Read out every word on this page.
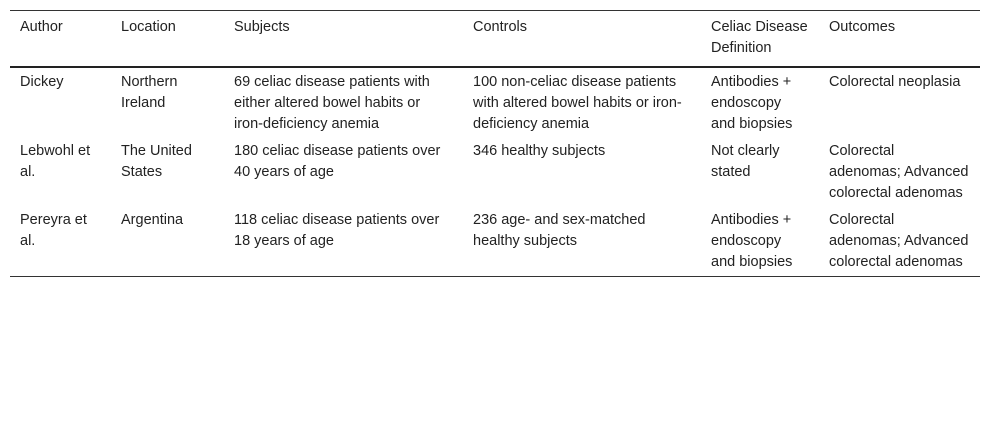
Author	Location	Subjects	Controls	Celiac Disease Definition	Outcomes
Dickey	Northern Ireland	69 celiac disease patients with either altered bowel habits or iron-deficiency anemia	100 non-celiac disease patients with altered bowel habits or iron-deficiency anemia	Antibodies + endoscopy and biopsies	Colorectal neoplasia
Lebwohl et al.	The United States	180 celiac disease patients over 40 years of age	346 healthy subjects	Not clearly stated	Colorectal adenomas; Advanced colorectal adenomas
Pereyra et al.	Argentina	118 celiac disease patients over 18 years of age	236 age- and sex-matched healthy subjects	Antibodies + endoscopy and biopsies	Colorectal adenomas; Advanced colorectal adenomas
